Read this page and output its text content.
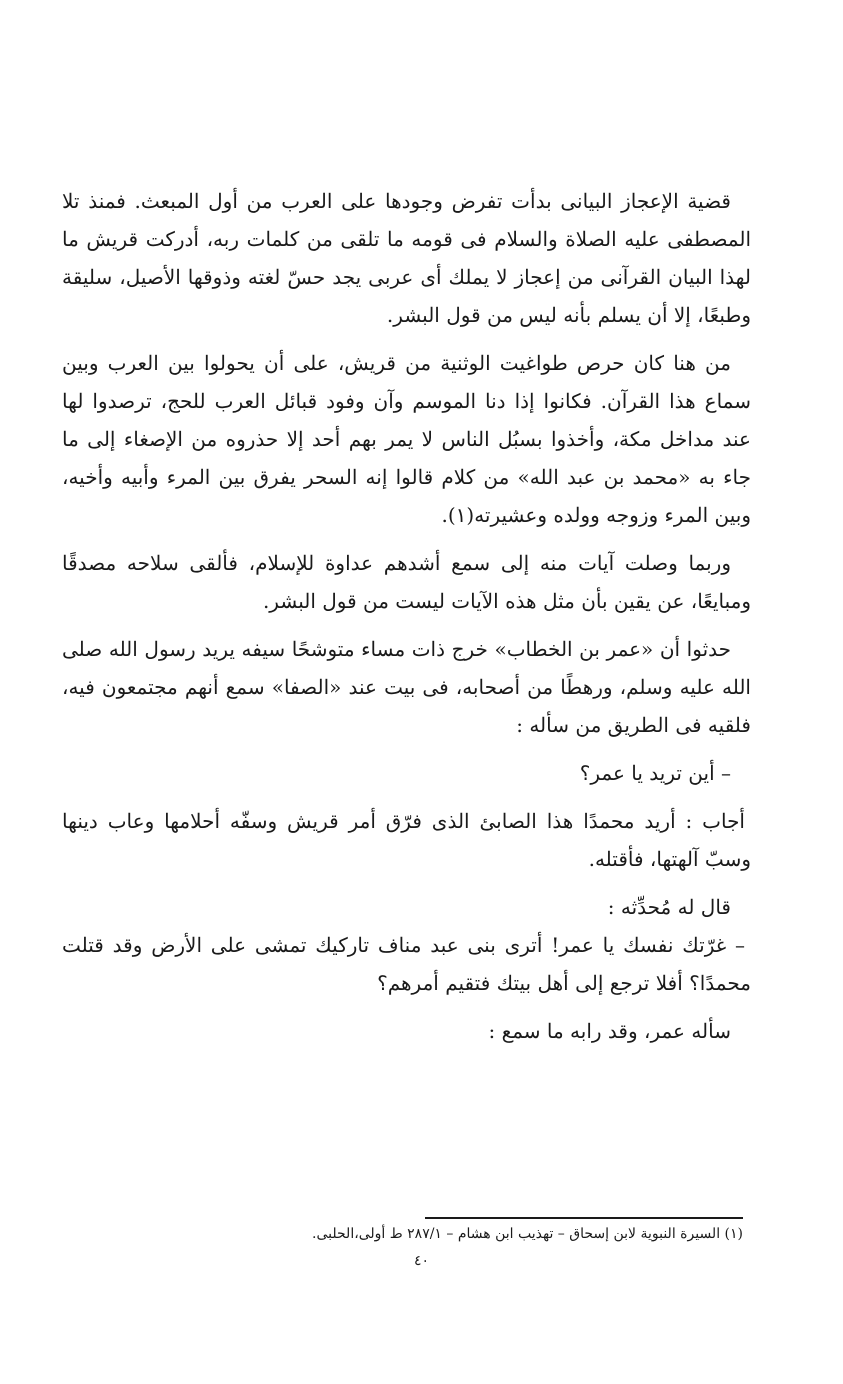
قضية الإعجاز البيانى بدأت تفرض وجودها على العرب من أول المبعث. فمنذ تلا المصطفى عليه الصلاة والسلام فى قومه ما تلقى من كلمات ربه، أدركت قريش ما لهذا البيان القرآنى من إعجاز لا يملك أى عربى يجد حسّ لغته وذوقها الأصيل، سليقة وطبعًا، إلا أن يسلم بأنه ليس من قول البشر.

من هنا كان حرص طواغيت الوثنية من قريش، على أن يحولوا بين العرب وبين سماع هذا القرآن. فكانوا إذا دنا الموسم وآن وفود قبائل العرب للحج، ترصدوا لها عند مداخل مكة، وأخذوا بسبُل الناس لا يمر بهم أحد إلا حذروه من الإصغاء إلى ما جاء به «محمد بن عبد الله» من كلام قالوا إنه السحر يفرق بين المرء وأبيه وأخيه، وبين المرء وزوجه وولده وعشيرته(١).

وربما وصلت آيات منه إلى سمع أشدهم عداوة للإسلام، فألقى سلاحه مصدقًا ومبايعًا، عن يقين بأن مثل هذه الآيات ليست من قول البشر.

حدثوا أن «عمر بن الخطاب» خرج ذات مساء متوشحًا سيفه يريد رسول الله صلى الله عليه وسلم، ورهطًا من أصحابه، فى بيت عند «الصفا» سمع أنهم مجتمعون فيه، فلقيه فى الطريق من سأله :

– أين تريد يا عمر؟

أجاب : أريد محمدًا هذا الصابئ الذى فرّق أمر قريش وسفّه أحلامها وعاب دينها وسبّ آلهتها، فأقتله.

قال له مُحدِّثه :

– غرّتك نفسك يا عمر! أترى بنى عبد مناف تاركيك تمشى على الأرض وقد قتلت محمدًا؟ أفلا ترجع إلى أهل بيتك فتقيم أمرهم؟

سأله عمر، وقد رابه ما سمع :

(١) السيرة النبوية لابن إسحاق – تهذيب ابن هشام – ٢٨٧/١ ط أولى،الحلبى.

٤٠
